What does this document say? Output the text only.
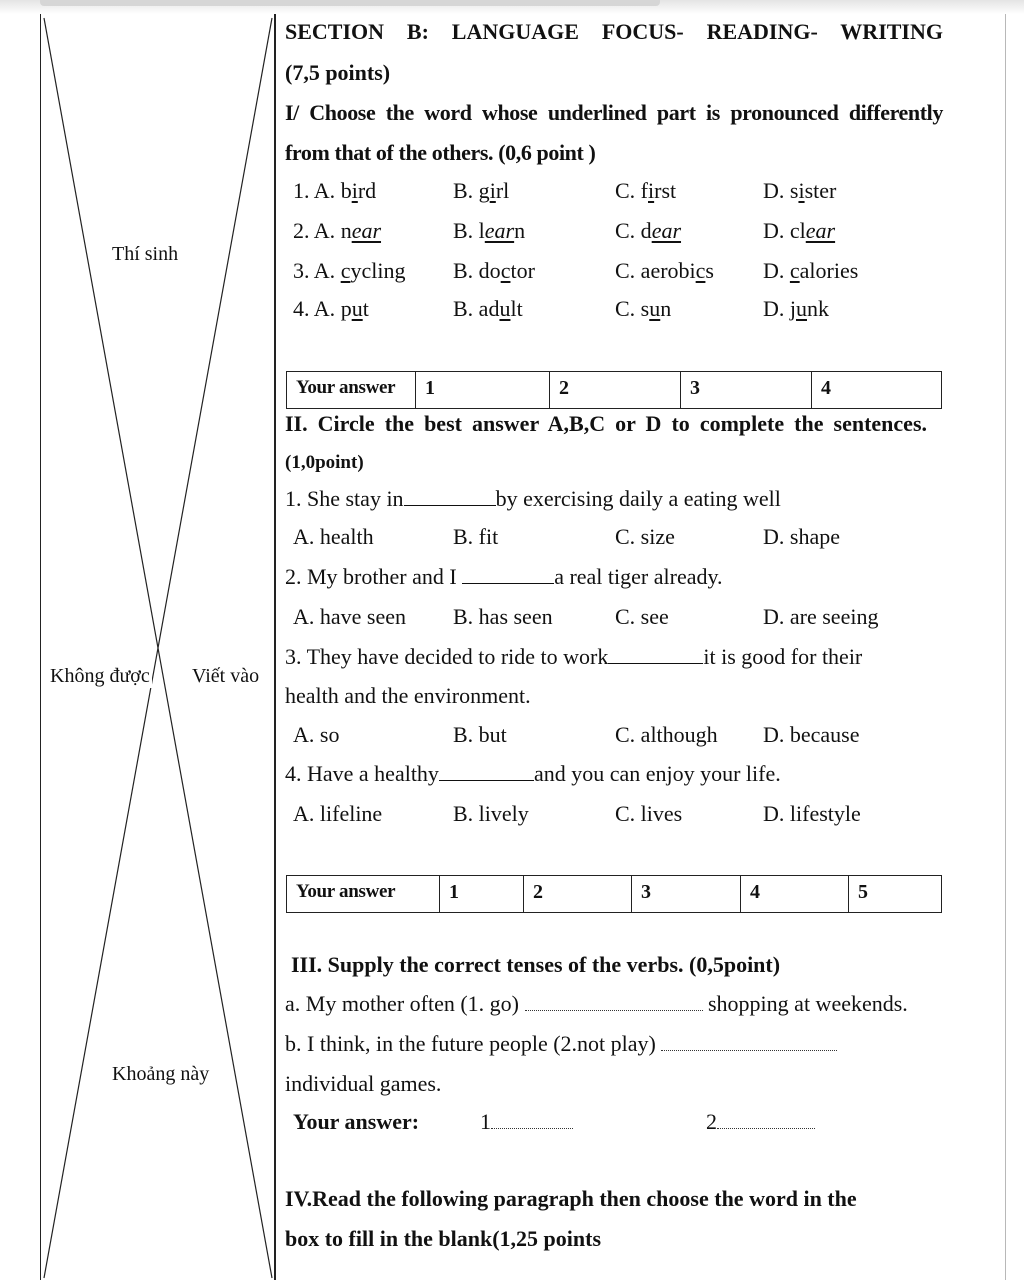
Thí sinh
Không được Viết vào
Khoảng này
SECTION B: LANGUAGE FOCUS- READING- WRITING
(7,5 points)
I/ Choose the word whose underlined part is pronounced differently
from that of the others. (0,6 point )
1. A. bird	B. girl	C. first	D. sister
2. A. near	B. learn	C. dear	D. clear
3. A. cycling B. doctor	C. aerobics D. calories
4. A. put	B. adult	C. sun	D. junk
Your answer	1	2	3	4
II. Circle the best answer A,B,C or D to complete the sentences.
(1,0point)
1. She stay in	by exercising daily a eating well
A. health	B. fit	C. size	D. shape
2. My brother and I	a real tiger already.
A. have seen B. has seen	C. see	D. are seeing
3. They have decided to ride to work	it is good for their
health and the environment.
A. so	B. but	C. although D. because
4. Have a healthy	and you can enjoy your life.
A. lifeline	B. lively	C. lives	D. lifestyle
Your answer	1	2	3	4	5
III. Supply the correct tenses of the verbs. (0,5point)
a. My mother often (1. go)	shopping at weekends.
b. I think, in the future people (2.not play)
individual games.
Your answer:	1	2
IV.Read the following paragraph then choose the word in the
box to fill in the blank(1,25 points
